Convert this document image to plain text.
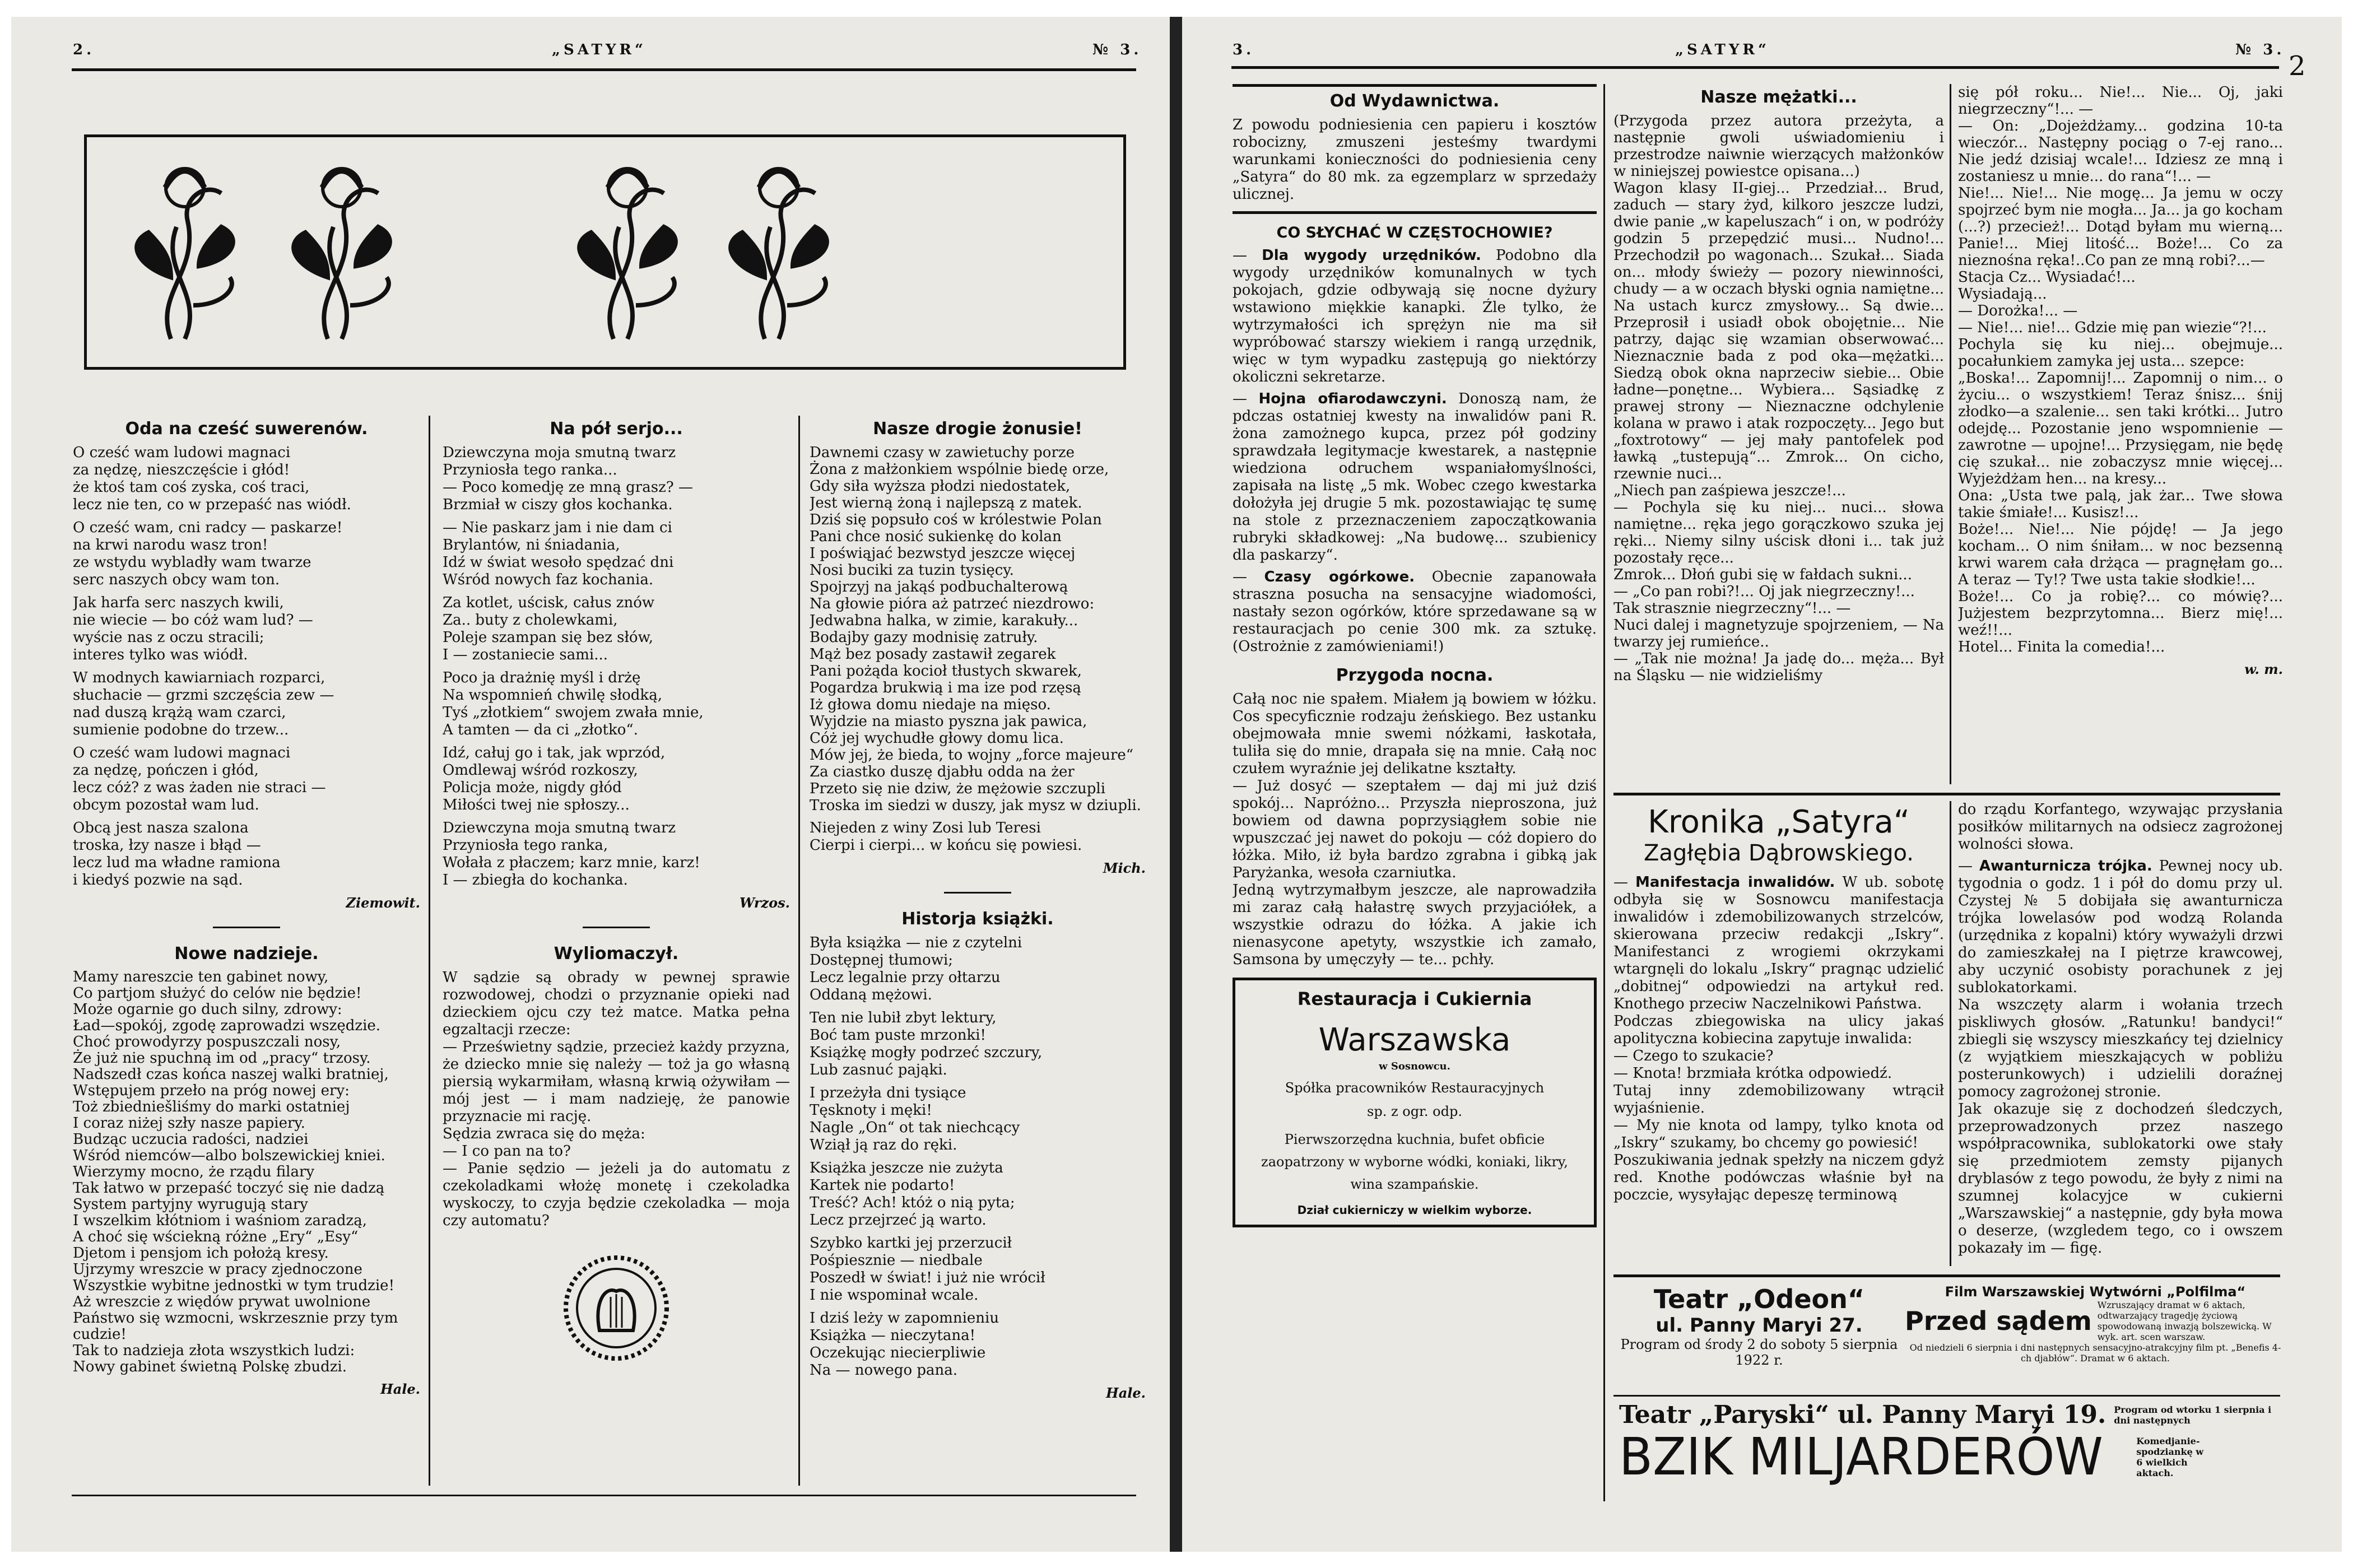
2.	„SATYR“	№ 3.
Oda na cześć suwerenów.
O cześć wam ludowi magnaci
za nędzę, nieszczęście i głód!
że ktoś tam coś zyska, coś traci,
lecz nie ten, co w przepaść nas wiódł.
O cześć wam, cni radcy — paskarze!
na krwi narodu wasz tron!
ze wstydu wybladły wam twarze
serc naszych obcy wam ton.
Jak harfa serc naszych kwili,
nie wiecie — bo cóż wam lud? —
wyście nas z oczu stracili;
interes tylko was wiódł.
W modnych kawiarniach rozparci,
słuchacie — grzmi szczęścia zew —
nad duszą krążą wam czarci,
sumienie podobne do trzew...
O cześć wam ludowi magnaci
za nędzę, pończen i głód,
lecz cóż? z was żaden nie straci —
obcym pozostał wam lud.
Obcą jest nasza szalona
troska, łzy nasze i błąd —
lecz lud ma władne ramiona
i kiedyś pozwie na sąd.
Ziemowit.
Nowe nadzieje.
Mamy nareszcie ten gabinet nowy,
Co partjom służyć do celów nie będzie!
Może ogarnie go duch silny, zdrowy:
Ład—spokój, zgodę zaprowadzi wszędzie.
Choć prowodyrzy pospuszczali nosy,
Że już nie spuchną im od „pracy“ trzosy.
Nadszedł czas końca naszej walki bratniej,
Wstępujem przeło na próg nowej ery:
Toż zbiedniešliśmy do marki ostatniej
I coraz niżej szły nasze papiery.
Budząc uczucia radości, nadziei
Wśród niemców—albo bolszewickiej kniei.
Wierzymy mocno, że rządu filary
Tak łatwo w przepaść toczyć się nie dadzą
System partyjny wyrugują stary
I wszelkim kłótniom i waśniom zaradzą,
A choć się wściekną różne „Ery“ „Esy“
Djetom i pensjom ich położą kresy.
Ujrzymy wreszcie w pracy zjednoczone
Wszystkie wybitne jednostki w tym trudzie!
Aż wreszcie z więdów prywat uwolnione
Państwo się wzmocni, wskrzesznie przy tym cudzie!
Tak to nadzieja złota wszystkich ludzi:
Nowy gabinet świetną Polskę zbudzi.
Hale.
Na pół serjo...
Dziewczyna moja smutną twarz
Przyniosła tego ranka...
— Poco komedję ze mną grasz? —
Brzmiał w ciszy głos kochanka.
— Nie paskarz jam i nie dam ci
Brylantów, ni śniadania,
Idź w świat wesoło spędzać dni
Wśród nowych faz kochania.
Za kotlet, uścisk, całus znów
Za.. buty z cholewkami,
Poleje szampan się bez słów,
I — zostaniecie sami...
Poco ja drażnię myśl i drżę
Na wspomnień chwilę słodką,
Tyś „złotkiem“ swojem zwała mnie,
A tamten — da ci „złotko“.
Idź, całuj go i tak, jak wprzód,
Omdlewaj wśród rozkoszy,
Policja może, nigdy głód
Miłości twej nie spłoszy...
Dziewczyna moja smutną twarz
Przyniosła tego ranka,
Wołała z płaczem; karz mnie, karz!
I — zbiegła do kochanka.
Wrzos.
Wyliomaczył.
W sądzie są obrady w pewnej sprawie rozwodowej, chodzi o przyznanie opieki nad dzieckiem ojcu czy też matce. Matka pełna egzaltacji rzecze:
— Prześwietny sądzie, przecież każdy przyzna, że dziecko mnie się należy — toż ja go własną piersią wykarmiłam, własną krwią ożywiłam — mój jest — i mam nadzieję, że panowie przyznacie mi rację.
Sędzia zwraca się do męża:
— I co pan na to?
— Panie sędzio — jeżeli ja do automatu z czekoladkami włożę monetę i czekoladka wyskoczy, to czyja będzie czekoladka — moja czy automatu?
Nasze drogie żonusie!
Dawnemi czasy w zawietuchy porze
Żona z małżonkiem wspólnie biedę orze,
Gdy siła wyższa płodzi niedostatek,
Jest wierną żoną i najlepszą z matek.
Dziś się popsuło coś w królestwie Polan
Pani chce nosić sukienkę do kolan
I poświąjać bezwstyd jeszcze więcej
Nosi buciki za tuzin tysięcy.
Spojrzyj na jakąś podbuchalterową
Na głowie pióra aż patrzeć niezdrowo:
Jedwabna halka, w zimie, karakuły...
Bodajby gazy modnisię zatruły.
Mąż bez posady zastawił zegarek
Pani pożąda kocioł tłustych skwarek,
Pogardza brukwią i ma ize pod rzęsą
Iż głowa domu niedaje na mięso.
Wyjdzie na miasto pyszna jak pawica,
Cóż jej wychudłe głowy domu lica.
Mów jej, że bieda, to wojny „force majeure“
Za ciastko duszę djabłu odda na żer
Przeto się nie dziw, że mężowie szczupli
Troska im siedzi w duszy, jak mysz w dziupli.
Niejeden z winy Zosi lub Teresi
Cierpi i cierpi... w końcu się powiesi.
Mich.
Historja książki.
Była książka — nie z czytelni
Dostępnej tłumowi;
Lecz legalnie przy ołtarzu
Oddaną mężowi.
Ten nie lubił zbyt lektury,
Boć tam puste mrzonki!
Książkę mogły podrzeć szczury,
Lub zasnuć pająki.
I przeżyła dni tysiące
Tęsknoty i męki!
Nagle „On“ ot tak niechcący
Wziął ją raz do ręki.
Książka jeszcze nie zużyta
Kartek nie podarto!
Treść? Ach! któż o nią pyta;
Lecz przejrzeć ją warto.
Szybko kartki jej przerzucił
Pośpiesznie — niedbale
Poszedł w świat! i już nie wrócił
I nie wspominał wcale.
I dziś leży w zapomnieniu
Książka — nieczytana!
Oczekując niecierpliwie
Na — nowego pana.
Hale.
3.	„SATYR“	№ 3.
2
Od Wydawnictwa.
Z powodu podniesienia cen papieru i kosztów robocizny, zmuszeni jesteśmy twardymi warunkami konieczności do podniesienia ceny „Satyra“ do 80 mk. za egzemplarz w sprzedaży ulicznej.
CO SŁYCHAĆ W CZĘSTOCHOWIE?
— Dla wygody urzędników. Podobno dla wygody urzędników komunalnych w tych pokojach, gdzie odbywają się nocne dyżury wstawiono miękkie kanapki. Źle tylko, że wytrzymałości ich sprężyn nie ma sił wypróbować starszy wiekiem i rangą urzędnik, więc w tym wypadku zastępują go niektórzy okoliczni sekretarze.
— Hojna ofiarodawczyni. Donoszą nam, że pdczas ostatniej kwesty na inwalidów pani R. żona zamożnego kupca, przez pół godziny sprawdzała legitymacje kwestarek, a następnie wiedziona odruchem wspaniałomyślności, zapisała na listę „5 mk. Wobec czego kwestarka dołożyła jej drugie 5 mk. pozostawiając tę sumę na stole z przeznaczeniem zapoczątkowania rubryki składkowej: „Na budowę... szubienicy dla paskarzy“.
— Czasy ogórkowe. Obecnie zapanowała straszna posucha na sensacyjne wiadomości, nastały sezon ogórków, które sprzedawane są w restauracjach po cenie 300 mk. za sztukę. (Ostrożnie z zamówieniami!)
Przygoda nocna.
Całą noc nie spałem. Miałem ją bowiem w łóżku. Cos specyficznie rodzaju żeńskiego. Bez ustanku obejmowała mnie swemi nóżkami, łaskotała, tuliła się do mnie, drapała się na mnie. Całą noc czułem wyraźnie jej delikatne kształty.
— Już dosyć — szeptałem — daj mi już dziś spokój... Napróżno... Przyszła nieproszona, już bowiem od dawna poprzysiągłem sobie nie wpuszczać jej nawet do pokoju — cóż dopiero do łóżka. Miło, iż była bardzo zgrabna i gibką jak Paryżanka, wesoła czarniutka.
Jedną wytrzymałbym jeszcze, ale naprowadziła mi zaraz całą hałastrę swych przyjaciółek, a wszystkie odrazu do łóżka. A jakie ich nienasycone apetyty, wszystkie ich zamało, Samsona by umęczyły — te... pchły.
Restauracja i Cukiernia
Warszawska
w Sosnowcu.
Spółka pracowników Restauracyjnych
sp. z ogr. odp.
Pierwszorzędna kuchnia, bufet obficie zaopatrzony w wyborne wódki, koniaki, likry, wina szampańskie.
Dział cukierniczy w wielkim wyborze.
Nasze mężatki...
(Przygoda przez autora przeżyta, a następnie gwoli uświadomieniu i przestrodze naiwnie wierzących małżonków w niniejszej powiestce opisana...)
Wagon klasy II-giej... Przedział... Brud, zaduch — stary żyd, kilkoro jeszcze ludzi, dwie panie „w kapeluszach“ i on, w podróży godzin 5 przepędzić musi... Nudno!... Przechodził po wagonach... Szukał... Siada on... młody świeży — pozory niewinności, chudy — a w oczach błyski ognia namiętne... Na ustach kurcz zmysłowy... Są dwie... Przeprosił i usiadł obok obojętnie... Nie patrzy, dając się wzamian obserwować... Nieznacznie bada z pod oka—mężatki... Siedzą obok okna naprzeciw siebie... Obie ładne—ponętne... Wybiera... Sąsiadkę z prawej strony — Nieznaczne odchylenie kolana w prawo i atak rozpoczęty... Jego but „foxtrotowy“ — jej mały pantofelek pod ławką „tustepują“... Zmrok... On cicho, rzewnie nuci...
„Niech pan zaśpiewa jeszcze!...
— Pochyla się ku niej... nuci... słowa namiętne... ręka jego gorączkowo szuka jej ręki... Niemy silny uścisk dłoni i... tak już pozostały ręce...
Zmrok... Dłoń gubi się w fałdach sukni...
— „Co pan robi?!... Oj jak niegrzeczny!...
Tak strasznie niegrzeczny“!... —
Nuci dalej i magnetyzuje spojrzeniem, — Na twarzy jej rumieńce..
— „Tak nie można! Ja jadę do... męża... Był na Śląsku — nie widzieliśmy
się pół roku... Nie!... Nie... Oj, jaki niegrzeczny“!... —
— On: „Dojeżdżamy... godzina 10-ta wieczór... Następny pociąg o 7-ej rano... Nie jedź dzisiaj wcale!... Idziesz ze mną i zostaniesz u mnie... do rana“!... —
Nie!... Nie!... Nie mogę... Ja jemu w oczy spojrzeć bym nie mogła... Ja... ja go kocham (...?) przecież!... Dotąd byłam mu wierną... Panie!... Miej litość... Boże!... Co za nieznośna ręka!..Co pan ze mną robi?...—
Stacja Cz... Wysiadać!...
Wysiadają...
— Dorożka!... —
— Nie!... nie!... Gdzie mię pan wiezie“?!...
Pochyla się ku niej... obejmuje... pocałunkiem zamyka jej usta... szepce:
„Boska!... Zapomnij!... Zapomnij o nim... o życiu... o wszystkiem! Teraz śnisz... śnij złodko—a szalenie... sen taki krótki... Jutro odejdę... Pozostanie jeno wspomnienie — zawrotne — upojne!... Przysięgam, nie będę cię szukał... nie zobaczysz mnie więcej... Wyjeżdżam hen... na kresy...
Ona: „Usta twe palą, jak żar... Twe słowa takie śmiałe!... Kusisz!...
Boże!... Nie!... Nie pójdę! — Ja jego kocham... O nim śniłam... w noc bezsenną krwi warem cała drżąca — pragnęłam go... A teraz — Ty!? Twe usta takie słodkie!...
Boże!... Co ja robię?... co mówię?... Jużjestem bezprzytomna... Bierz mię!... weź!!...
Hotel... Finita la comedia!...
w. m.
Kronika „Satyra“
Zagłębia Dąbrowskiego.
— Manifestacja inwalidów. W ub. sobotę odbyła się w Sosnowcu manifestacja inwalidów i zdemobilizowanych strzelców, skierowana przeciw redakcji „Iskry“. Manifestanci z wrogiemi okrzykami wtargnęli do lokalu „Iskry“ pragnąc udzielić „dobitnej“ odpowiedzi na artykuł red. Knothego przeciw Naczelnikowi Państwa.
Podczas zbiegowiska na ulicy jakaś apolityczna kobiecina zapytuje inwalida:
— Czego to szukacie?
— Knota! brzmiała krótka odpowiedź.
Tutaj inny zdemobilizowany wtrącił wyjaśnienie.
— My nie knota od lampy, tylko knota od „Iskry“ szukamy, bo chcemy go powiesić!
Poszukiwania jednak spełzły na niczem gdyż red. Knothe podówczas właśnie był na poczcie, wysyłając depeszę terminową
do rządu Korfantego, wzywając przysłania posiłków militarnych na odsiecz zagrożonej wolności słowa.
— Awanturnicza trójka. Pewnej nocy ub. tygodnia o godz. 1 i pół do domu przy ul. Czystej № 5 dobijała się awanturnicza trójka lowelasów pod wodzą Rolanda (urzędnika z kopalni) który wyważyli drzwi do zamieszkałej na I piętrze krawcowej, aby uczynić osobisty porachunek z jej sublokatorkami.
Na wszczęty alarm i wołania trzech piskliwych głosów. „Ratunku! bandyci!“ zbiegli się wszyscy mieszkańcy tej dzielnicy (z wyjątkiem mieszkających w pobliżu posterunkowych) i udzielili doraźnej pomocy zagrożonej stronie.
Jak okazuje się z dochodzeń śledczych, przeprowadzonych przez naszego współpracownika, sublokatorki owe stały się przedmiotem zemsty pijanych dryblasów z tego powodu, że były z nimi na szumnej kolacyjce w cukierni „Warszawskiej“ a następnie, gdy była mowa o deserze, (wzgledem tego, co i owszem pokazały im — figę.
Teatr „Odeon“
ul. Panny Maryi 27.
Program od środy 2 do soboty 5 sierpnia 1922 r.
Film Warszawskiej Wytwórni „Polfilma“
Przed sądem
Wzruszający dramat w 6 aktach, odtwarzający tragedję życiową spowodowaną inwazją bolszewicką. W wyk. art. scen warszaw.
Od niedzieli 6 sierpnia i dni następnych sensacyjno-atrakcyjny film pt. „Benefis 4-ch djabłów“. Dramat w 6 aktach.
Teatr „Paryski“ ul. Panny Maryi 19. Program od wtorku 1 sierpnia i dni następnych
BZIK MILJARDERÓW	Komedjanie-spodziankę w 6 wielkich aktach.
